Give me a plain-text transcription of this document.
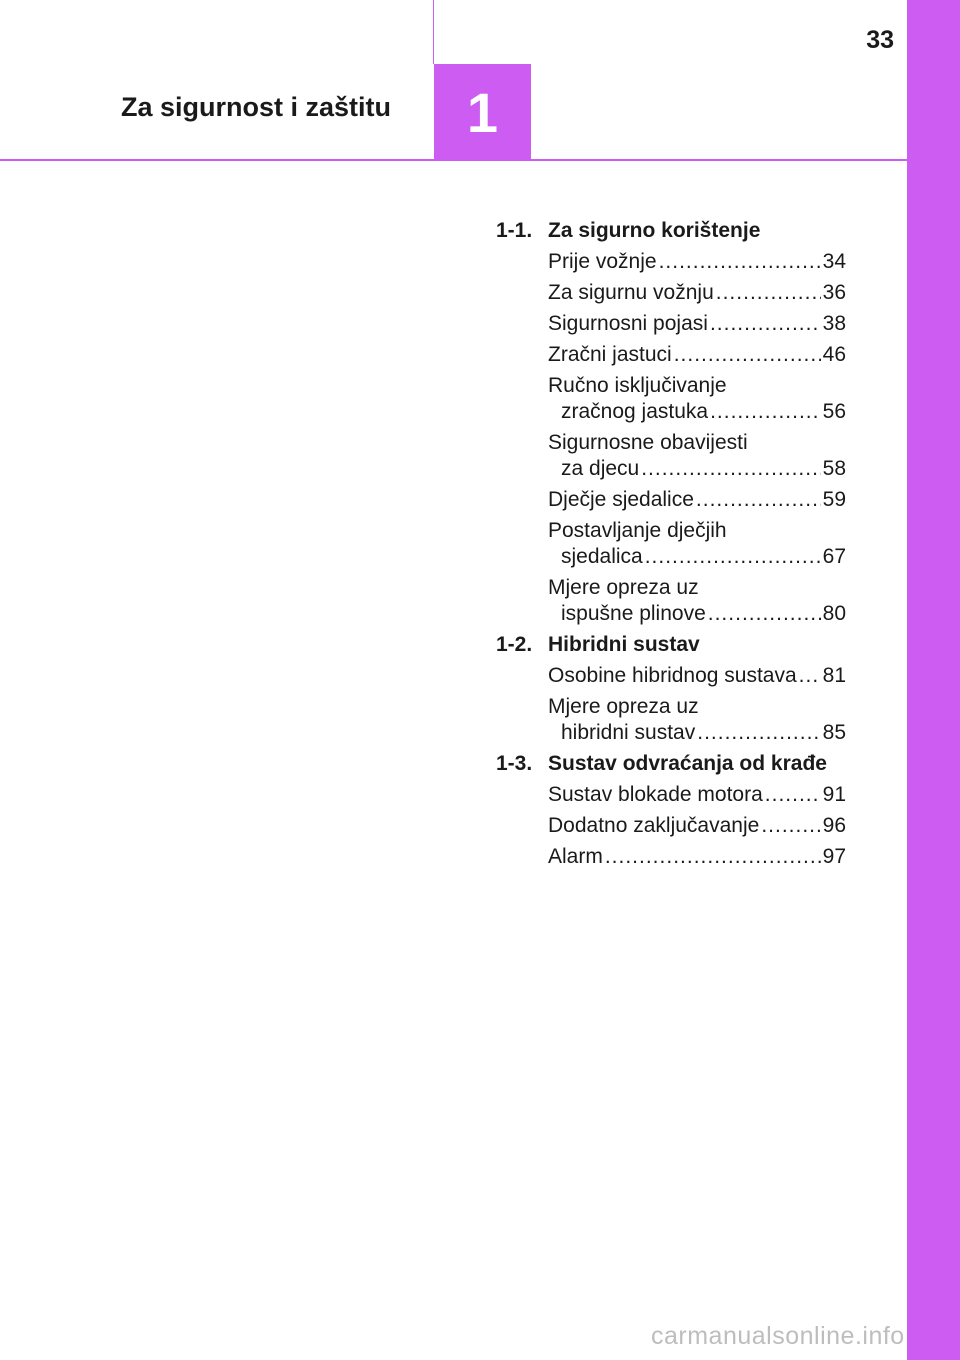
1
33
Za sigurnost i zaštitu
1-1. Za sigurno korištenje
Prije vožnje .....	34
Za sigurnu vožnju .....	36
Sigurnosni pojasi .....	38
Zračni jastuci .....	46
Ručno isključivanje
zračnog jastuka .....	56
Sigurnosne obavijesti
za djecu .....	58
Dječje sjedalice .....	59
Postavljanje dječjih
sjedalica .....	67
Mjere opreza uz
ispušne plinove .....	80
1-2. Hibridni sustav
Osobine hibridnog sustava ..... 81
Mjere opreza uz
hibridni sustav .....	85
1-3. Sustav odvraćanja od krađe
Sustav blokade motora .....	91
Dodatno zaključavanje .....	96
Alarm .....	97
carmanualsonline.info
